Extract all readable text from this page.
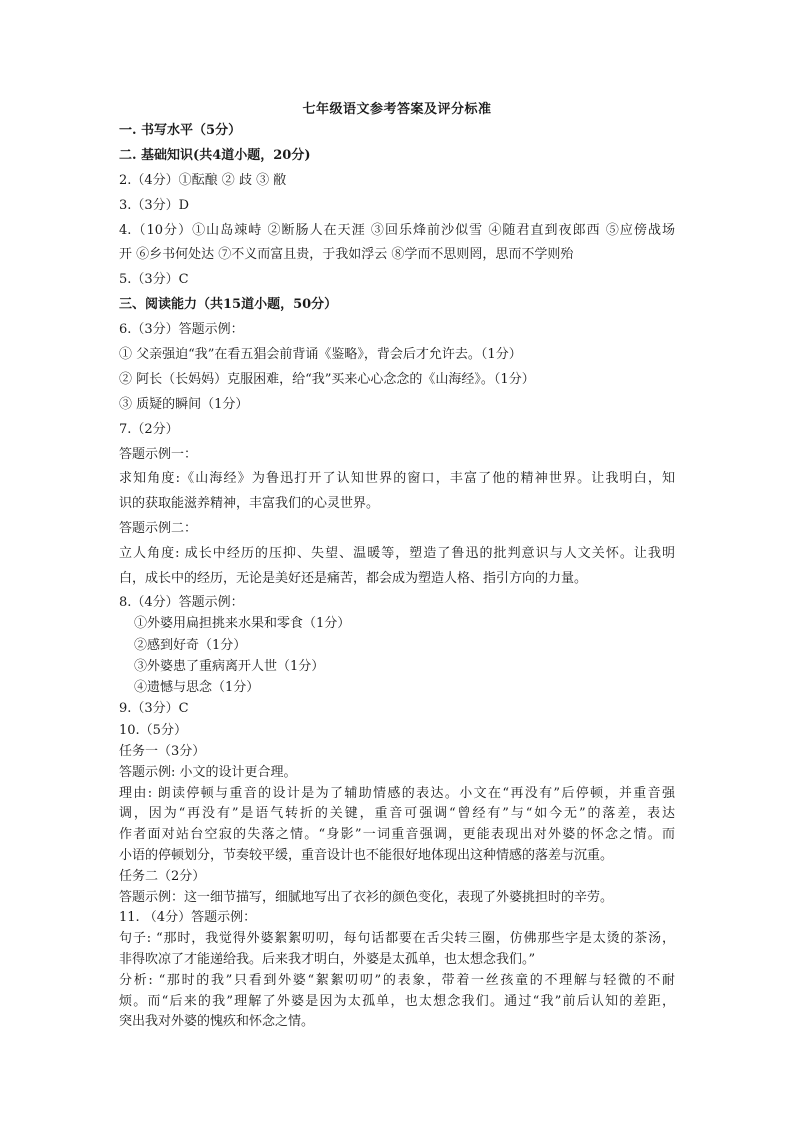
七年级语文参考答案及评分标准
一. 书写水平（5分）
二. 基础知识(共4道小题，20分)
2.（4分）①酝酿 ② 歧 ③ 敝
3.（3分）D
4.（10分）①山岛竦峙 ②断肠人在天涯 ③回乐烽前沙似雪 ④随君直到夜郎西 ⑤应傍战场
开 ⑥乡书何处达 ⑦不义而富且贵，于我如浮云 ⑧学而不思则罔，思而不学则殆
5.（3分）C
三、阅读能力（共15道小题，50分）
6.（3分）答题示例：
① 父亲强迫“我”在看五猖会前背诵《鉴略》，背会后才允许去。（1分）
② 阿长（长妈妈）克服困难，给“我”买来心心念念的《山海经》。（1分）
③ 质疑的瞬间（1分）
7.（2分）
答题示例一：
求知角度:《山海经》为鲁迅打开了认知世界的窗口，丰富了他的精神世界。让我明白，知
识的获取能滋养精神，丰富我们的心灵世界。
答题示例二：
立人角度: 成长中经历的压抑、失望、温暖等，塑造了鲁迅的批判意识与人文关怀。让我明
白，成长中的经历，无论是美好还是痛苦，都会成为塑造人格、指引方向的力量。
8.（4分）答题示例：
①外婆用扁担挑来水果和零食（1分）
②感到好奇（1分）
③外婆患了重病离开人世（1分）
④遗憾与思念（1分）
9.（3分）C
10.（5分）
任务一（3分）
答题示例: 小文的设计更合理。
理由: 朗读停顿与重音的设计是为了辅助情感的表达。小文在“再没有”后停顿，并重音强
调，因为“再没有”是语气转折的关键，重音可强调“曾经有”与“如今无”的落差，表达
作者面对站台空寂的失落之情。“身影”一词重音强调，更能表现出对外婆的怀念之情。而
小语的停顿划分，节奏较平缓，重音设计也不能很好地体现出这种情感的落差与沉重。
任务二（2分）
答题示例：这一细节描写，细腻地写出了衣衫的颜色变化，表现了外婆挑担时的辛劳。
11. （4分）答题示例：
句子: “那时，我觉得外婆絮絮叨叨，每句话都要在舌尖转三圈，仿佛那些字是太烫的茶汤，
非得吹凉了才能递给我。后来我才明白，外婆是太孤单，也太想念我们。”
分析: “那时的我”只看到外婆“絮絮叨叨”的表象，带着一丝孩童的不理解与轻微的不耐
烦。而“后来的我”理解了外婆是因为太孤单，也太想念我们。通过“我”前后认知的差距，
突出我对外婆的愧疚和怀念之情。
